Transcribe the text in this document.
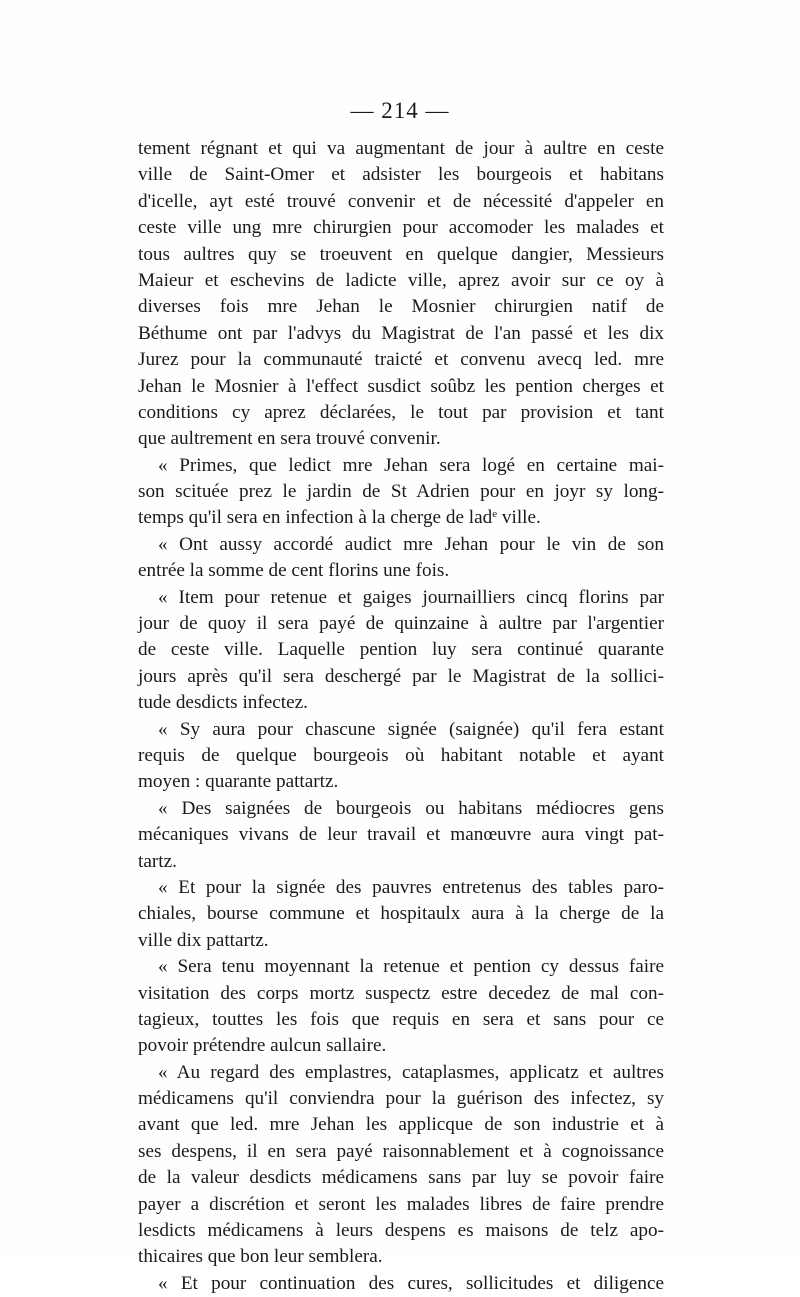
— 214 —
tement régnant et qui va augmentant de jour à aultre en ceste
ville de Saint-Omer et adsister les bourgeois et habitans
d'icelle, ayt esté trouvé convenir et de nécessité d'appeler en
ceste ville ung mre chirurgien pour accomoder les malades et
tous aultres quy se troeuvent en quelque dangier, Messieurs
Maieur et eschevins de ladicte ville, aprez avoir sur ce oy à
diverses fois mre Jehan le Mosnier chirurgien natif de
Béthume ont par l'advys du Magistrat de l'an passé et les dix
Jurez pour la communauté traicté et convenu avecq led. mre
Jehan le Mosnier à l'effect susdict soûbz les pention cherges et
conditions cy aprez déclarées, le tout par provision et tant
que aultrement en sera trouvé convenir.
« Primes, que ledict mre Jehan sera logé en certaine mai-
son scituée prez le jardin de St Adrien pour en joyr sy long-
temps qu'il sera en infection à la cherge de lad$^e$ ville.
« Ont aussy accordé audict mre Jehan pour le vin de son
entrée la somme de cent florins une fois.
« Item pour retenue et gaiges journailliers cincq florins par
jour de quoy il sera payé de quinzaine à aultre par l'argentier
de ceste ville. Laquelle pention luy sera continué quarante
jours après qu'il sera deschergé par le Magistrat de la sollici-
tude desdicts infectez.
« Sy aura pour chascune signée (saignée) qu'il fera estant
requis de quelque bourgeois où habitant notable et ayant
moyen : quarante pattartz.
« Des saignées de bourgeois ou habitans médiocres gens
mécaniques vivans de leur travail et manœuvre aura vingt pat-
tartz.
« Et pour la signée des pauvres entretenus des tables paro-
chiales, bourse commune et hospitaulx aura à la cherge de la
ville dix pattartz.
« Sera tenu moyennant la retenue et pention cy dessus faire
visitation des corps mortz suspectz estre decedez de mal con-
tagieux, touttes les fois que requis en sera et sans pour ce
povoir prétendre aulcun sallaire.
« Au regard des emplastres, cataplasmes, applicatz et aultres
médicamens qu'il conviendra pour la guérison des infectez, sy
avant que led. mre Jehan les applicque de son industrie et à
ses despens, il en sera payé raisonnablement et à cognoissance
de la valeur desdicts médicamens sans par luy se povoir faire
payer a discrétion et seront les malades libres de faire prendre
lesdicts médicamens à leurs despens es maisons de telz apo-
thicaires que bon leur semblera.
« Et pour continuation des cures, sollicitudes et diligence
